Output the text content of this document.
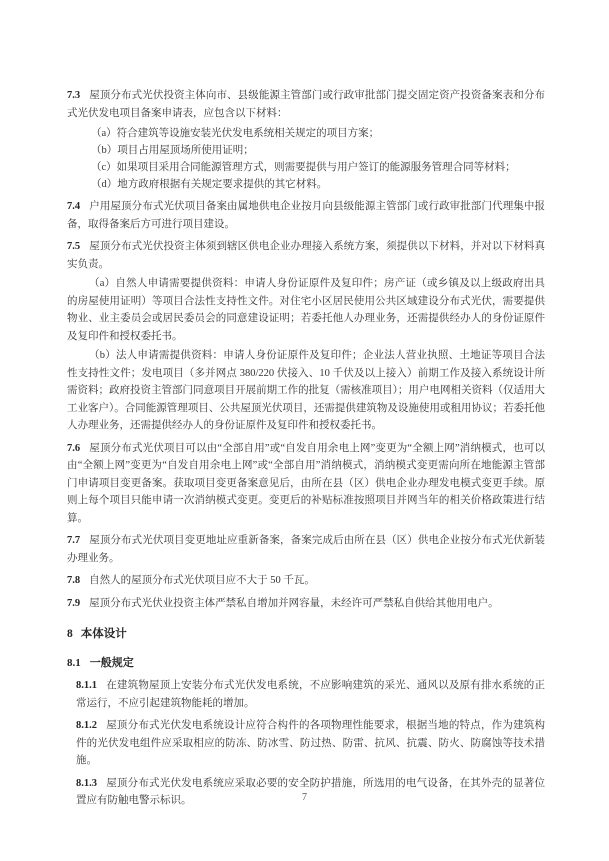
7.3 屋顶分布式光伏投资主体向市、县级能源主管部门或行政审批部门提交固定资产投资备案表和分布式光伏发电项目备案申请表，应包含以下材料：

（a）符合建筑等设施安装光伏发电系统相关规定的项目方案；

（b）项目占用屋顶场所使用证明；

（c）如果项目采用合同能源管理方式，则需要提供与用户签订的能源服务管理合同等材料；

（d）地方政府根据有关规定要求提供的其它材料。

7.4 户用屋顶分布式光伏项目备案由属地供电企业按月向县级能源主管部门或行政审批部门代理集中报备，取得备案后方可进行项目建设。

7.5 屋顶分布式光伏投资主体须到辖区供电企业办理接入系统方案，须提供以下材料，并对以下材料真实负责。

（a）自然人申请需要提供资料：申请人身份证原件及复印件；房产证（或乡镇及以上级政府出具的房屋使用证明）等项目合法性支持性文件。对住宅小区居民使用公共区域建设分布式光伏，需要提供物业、业主委员会或居民委员会的同意建设证明；若委托他人办理业务，还需提供经办人的身份证原件及复印件和授权委托书。

（b）法人申请需提供资料：申请人身份证原件及复印件；企业法人营业执照、土地证等项目合法性支持性文件；发电项目（多并网点 380/220 伏接入、10 千伏及以上接入）前期工作及接入系统设计所需资料；政府投资主管部门同意项目开展前期工作的批复（需核准项目）；用户电网相关资料（仅适用大工业客户）。合同能源管理项目、公共屋顶光伏项目，还需提供建筑物及设施使用或租用协议；若委托他人办理业务，还需提供经办人的身份证原件及复印件和授权委托书。

7.6 屋顶分布式光伏项目可以由“全部自用”或“自发自用余电上网”变更为“全额上网”消纳模式，也可以由“全额上网”变更为“自发自用余电上网”或“全部自用”消纳模式，消纳模式变更需向所在地能源主管部门申请项目变更备案。获取项目变更备案意见后，由所在县（区）供电企业办理发电模式变更手续。原则上每个项目只能申请一次消纳模式变更。变更后的补贴标准按照项目并网当年的相关价格政策进行结算。

7.7 屋顶分布式光伏项目变更地址应重新备案，备案完成后由所在县（区）供电企业按分布式光伏新装办理业务。

7.8 自然人的屋顶分布式光伏项目应不大于 50 千瓦。

7.9 屋顶分布式光伏业投资主体严禁私自增加并网容量，未经许可严禁私自供给其他用电户。

8 本体设计

8.1 一般规定

8.1.1 在建筑物屋顶上安装分布式光伏发电系统，不应影响建筑的采光、通风以及原有排水系统的正常运行，不应引起建筑物能耗的增加。

8.1.2 屋顶分布式光伏发电系统设计应符合构件的各项物理性能要求，根据当地的特点，作为建筑构件的光伏发电组件应采取相应的防冻、防冰雪、防过热、防雷、抗风、抗震、防火、防腐蚀等技术措施。

8.1.3 屋顶分布式光伏发电系统应采取必要的安全防护措施，所选用的电气设备，在其外壳的显著位置应有防触电警示标识。	7
